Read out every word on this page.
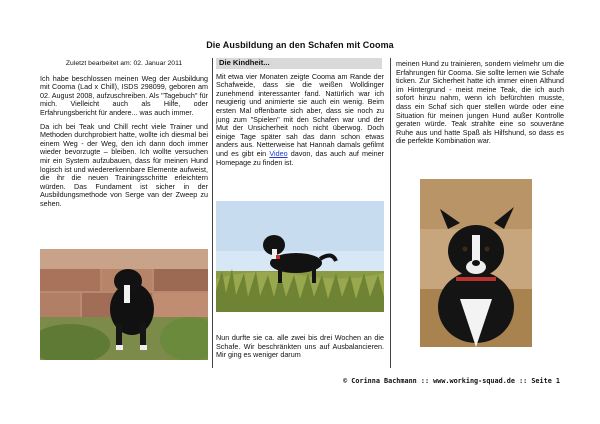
Die Ausbildung an den Schafen mit Cooma
Zuletzt bearbeitet am: 02. Januar 2011

Ich habe beschlossen meinen Weg der Ausbildung mit Cooma (Lad x Chill), ISDS 298099, geboren am 02. August 2008, aufzuschreiben. Als "Tagebuch" für mich. Vielleicht auch als Hilfe, oder Erfahrungsbericht für andere... was auch immer.

Da ich bei Teak und Chill recht viele Trainer und Methoden durchprobiert hatte, wollte ich diesmal bei einem Weg - der Weg, den ich dann doch immer wieder bevorzugte – bleiben. Ich wollte versuchen mir ein System aufzubauen, dass für meinen Hund logisch ist und wiedererkennbare Elemente aufweist, die ihr die neuen Trainingsschritte erleichtern würden. Das Fundament ist sicher in der Ausbildungsmethode von Serge van der Zweep zu sehen.

Die Kindheit...

Mit etwa vier Monaten zeigte Cooma am Rande der Schafweide, dass sie die weißen Wolldinger zunehmend interessanter fand. Natürlich war ich neugierig und animierte sie auch ein wenig. Beim ersten Mal offenbarte sich aber, dass sie noch zu jung zum "Spielen" mit den Schafen war und der Mut der Unsicherheit noch nicht überwog. Doch einige Tage später sah das dann schon etwas anders aus. Netterweise hat Hannah damals gefilmt und es gibt ein Video davon, das auch auf meiner Homepage zu finden ist.

Nun durfte sie ca. alle zwei bis drei Wochen an die Schafe. Wir beschränkten uns auf Ausbalancieren. Mir ging es weniger darum

meinen Hund zu trainieren, sondern vielmehr um die Erfahrungen für Cooma. Sie sollte lernen wie Schafe ticken. Zur Sicherheit hatte ich immer einen Althund im Hintergrund - meist meine Teak, die ich auch sofort hinzu nahm, wenn ich befürchten musste, dass ein Schaf sich quer stellen würde oder eine Situation für meinen jungen Hund außer Kontrolle geraten würde. Teak strahlte eine so souveräne Ruhe aus und hatte Spaß als Hilfshund, so dass es die perfekte Kombination war.

© Corinna Bachmann :: www.working-squad.de :: Seite 1
